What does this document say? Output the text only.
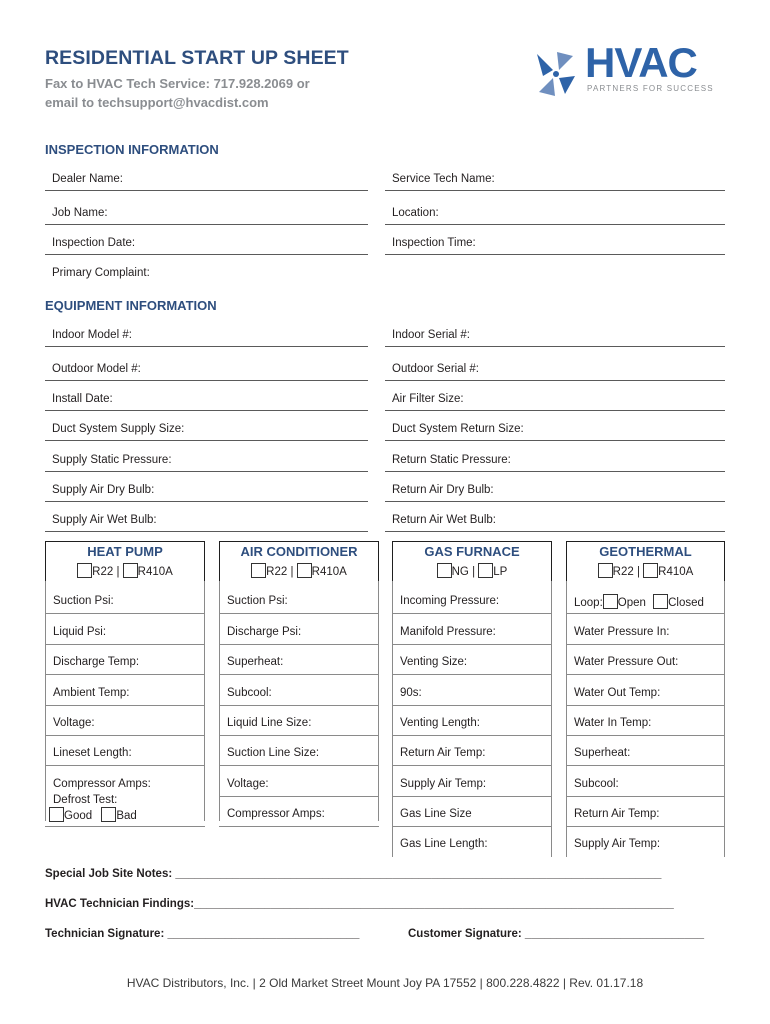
RESIDENTIAL START UP SHEET
Fax to HVAC Tech Service: 717.928.2069 or
email to techsupport@hvacdist.com
HVAC
PARTNERS FOR SUCCESS
INSPECTION INFORMATION
Dealer Name:	Service Tech Name:
Job Name:	Location:
Inspection Date:	Inspection Time:
Primary Complaint:
EQUIPMENT INFORMATION
Indoor Model #:	Indoor Serial #:
Outdoor Model #:	Outdoor Serial #:
Install Date:	Air Filter Size:
Duct System Supply Size:	Duct System Return Size:
Supply Static Pressure:	Return Static Pressure:
Supply Air Dry Bulb:	Return Air Dry Bulb:
Supply Air Wet Bulb:	Return Air Wet Bulb:
HEAT PUMP
R22 | R410A
Suction Psi:
Liquid Psi:
Discharge Temp:
Ambient Temp:
Voltage:
Lineset Length:
Compressor Amps:
Defrost Test:
Good Bad
AIR CONDITIONER
R22 | R410A
Suction Psi:
Discharge Psi:
Superheat:
Subcool:
Liquid Line Size:
Suction Line Size:
Voltage:
Compressor Amps:
GAS FURNACE
NG | LP
Incoming Pressure:
Manifold Pressure:
Venting Size:
90s:
Venting Length:
Return Air Temp:
Supply Air Temp:
Gas Line Size
Gas Line Length:
GEOTHERMAL
R22 | R410A
Loop: Open Closed
Water Pressure In:
Water Pressure Out:
Water Out Temp:
Water In Temp:
Superheat:
Subcool:
Return Air Temp:
Supply Air Temp:
Special Job Site Notes: ____________________________________________________________________________
HVAC Technician Findings:___________________________________________________________________________
Technician Signature: ______________________________	Customer Signature: ____________________________
HVAC Distributors, Inc. | 2 Old Market Street Mount Joy PA 17552 | 800.228.4822 | Rev. 01.17.18
